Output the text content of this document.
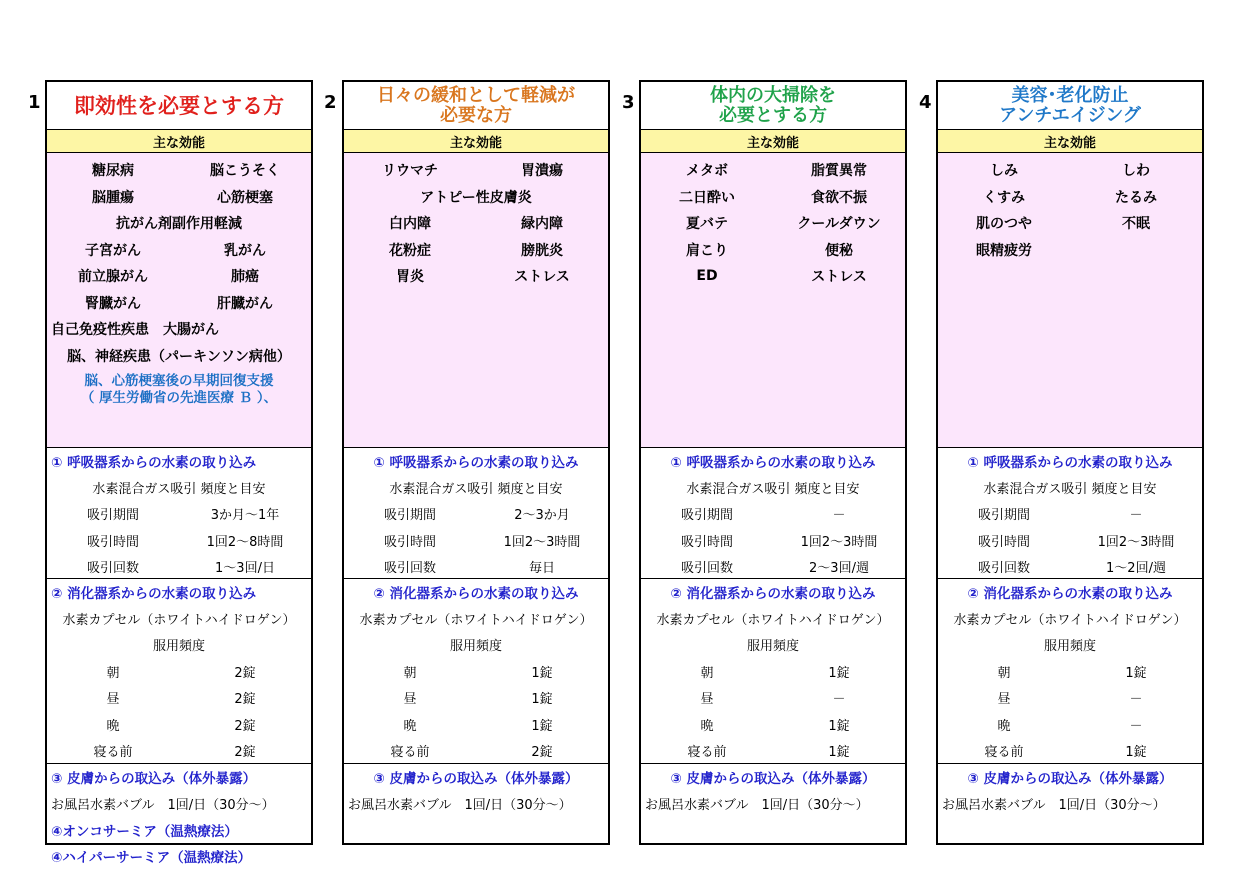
1	即効性を必要とする方
主な効能
糖尿病	脳こうそく
脳腫瘍	心筋梗塞
抗がん剤副作用軽減
子宮がん	乳がん
前立腺がん	肺癌
腎臓がん	肝臓がん
自己免疫性疾患　大腸がん
脳、神経疾患（パーキンソン病他）
脳、心筋梗塞後の早期回復支援
（ 厚生労働省の先進医療 Ｂ ）、
① 呼吸器系からの水素の取り込み
水素混合ガス吸引 頻度と目安
吸引期間	3か月～1年
吸引時間	1回2～8時間
吸引回数	1～3回/日
② 消化器系からの水素の取り込み
水素カプセル（ホワイトハイドロゲン）
服用頻度
朝	2錠
昼	2錠
晩	2錠
寝る前	2錠
③ 皮膚からの取込み（体外暴露）
お風呂水素バブル　1回/日（30分～）
④オンコサーミア（温熱療法）
④ハイパーサーミア（温熱療法）
2	日々の緩和として軽減が
必要な方
主な効能
リウマチ	胃潰瘍
アトピー性皮膚炎
白内障	緑内障
花粉症	膀胱炎
胃炎	ストレス
① 呼吸器系からの水素の取り込み
水素混合ガス吸引 頻度と目安
吸引期間	2～3か月
吸引時間	1回2～3時間
吸引回数	毎日
② 消化器系からの水素の取り込み
水素カプセル（ホワイトハイドロゲン）
服用頻度
朝	1錠
昼	1錠
晩	1錠
寝る前	2錠
③ 皮膚からの取込み（体外暴露）
お風呂水素バブル　1回/日（30分～）
3	体内の大掃除を
必要とする方
主な効能
メタボ	脂質異常
二日酔い	食欲不振
夏バテ	クールダウン
肩こり	便秘
ED	ストレス
① 呼吸器系からの水素の取り込み
水素混合ガス吸引 頻度と目安
吸引期間	－
吸引時間	1回2～3時間
吸引回数	2～3回/週
② 消化器系からの水素の取り込み
水素カプセル（ホワイトハイドロゲン）
服用頻度
朝	1錠
昼	－
晩	1錠
寝る前	1錠
③ 皮膚からの取込み（体外暴露）
お風呂水素バブル　1回/日（30分～）
4	美容･老化防止
アンチエイジング
主な効能
しみ	しわ
くすみ	たるみ
肌のつや	不眠
眼精疲労
① 呼吸器系からの水素の取り込み
水素混合ガス吸引 頻度と目安
吸引期間	－
吸引時間	1回2～3時間
吸引回数	1～2回/週
② 消化器系からの水素の取り込み
水素カプセル（ホワイトハイドロゲン）
服用頻度
朝	1錠
昼	－
晩	－
寝る前	1錠
③ 皮膚からの取込み（体外暴露）
お風呂水素バブル　1回/日（30分～）
